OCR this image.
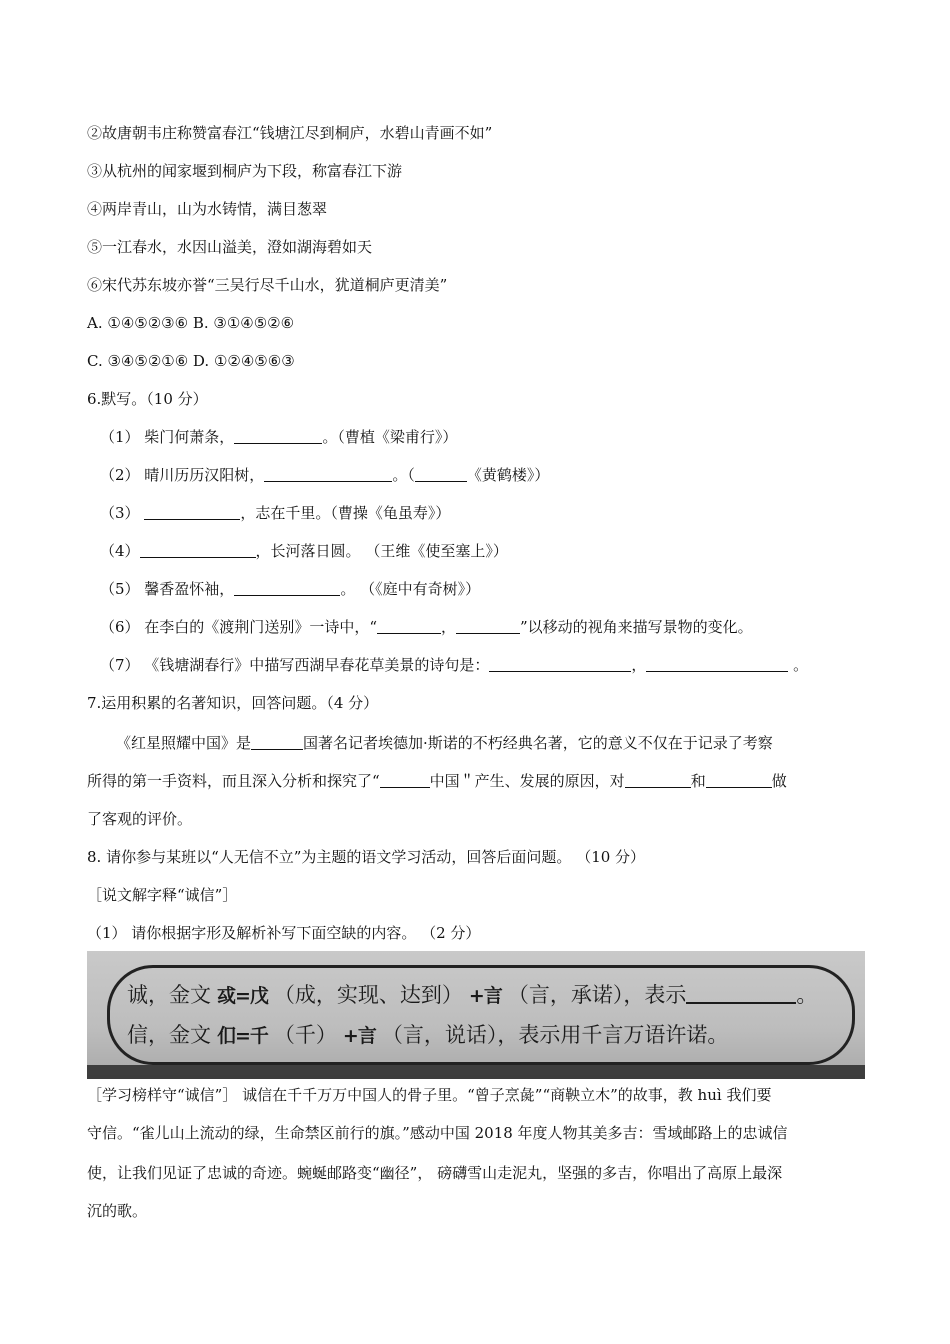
②故唐朝韦庄称赞富春江“钱塘江尽到桐庐，水碧山青画不如”
③从杭州的闻家堰到桐庐为下段，称富春江下游
④两岸青山，山为水铸情，满目葱翠
⑤一江春水，水因山溢美，澄如湖海碧如天
⑥宋代苏东坡亦誉“三吴行尽千山水，犹道桐庐更清美”
A. ①④⑤②③⑥ B. ③①④⑤②⑥
C. ③④⑤②①⑥ D. ①②④⑤⑥③
6.默写。（10 分）
（1） 柴门何萧条，	。（曹植《梁甫行》）
（2） 晴川历历汉阳树，	。（	《黄鹤楼》）
（3）	，志在千里。（曹操《龟虽寿》）
（4）	，长河落日圆。 （王维《使至塞上》）
（5） 馨香盈怀袖，	。 （《庭中有奇树》）
（6） 在李白的《渡荆门送别》一诗中，“	，	”以移动的视角来描写景物的变化。
（7） 《钱塘湖春行》中描写西湖早春花草美景的诗句是：	，	。
7.运用积累的名著知识，回答问题。（4 分）
《红星照耀中国》是	国著名记者埃德加·斯诺的不朽经典名著，它的意义不仅在于记录了考察
所得的第一手资料，而且深入分析和探究了“	中国＂产生、发展的原因，对	和	做
了客观的评价。
8. 请你参与某班以“人无信不立”为主题的语文学习活动，回答后面问题。 （10 分）
［说文解字释“诚信”］
（1） 请你根据字形及解析补写下面空缺的内容。 （2 分）
诚，金文 㦯=戊 （成，实现、达到） +言 （言，承诺），表示	。
信，金文 㐰=千 （千） +言 （言，说话），表示用千言万语许诺。
［学习榜样守“诚信”］ 诚信在千千万万中国人的骨子里。“曾子烹彘”“商鞅立木”的故事，教 huì 我们要
守信。“雀儿山上流动的绿，生命禁区前行的旗。”感动中国 2018 年度人物其美多吉：雪域邮路上的忠诚信
使，让我们见证了忠诚的奇迹。蜿蜒邮路变“幽径”， 磅礴雪山走泥丸，坚强的多吉，你唱出了高原上最深
沉的歌。
